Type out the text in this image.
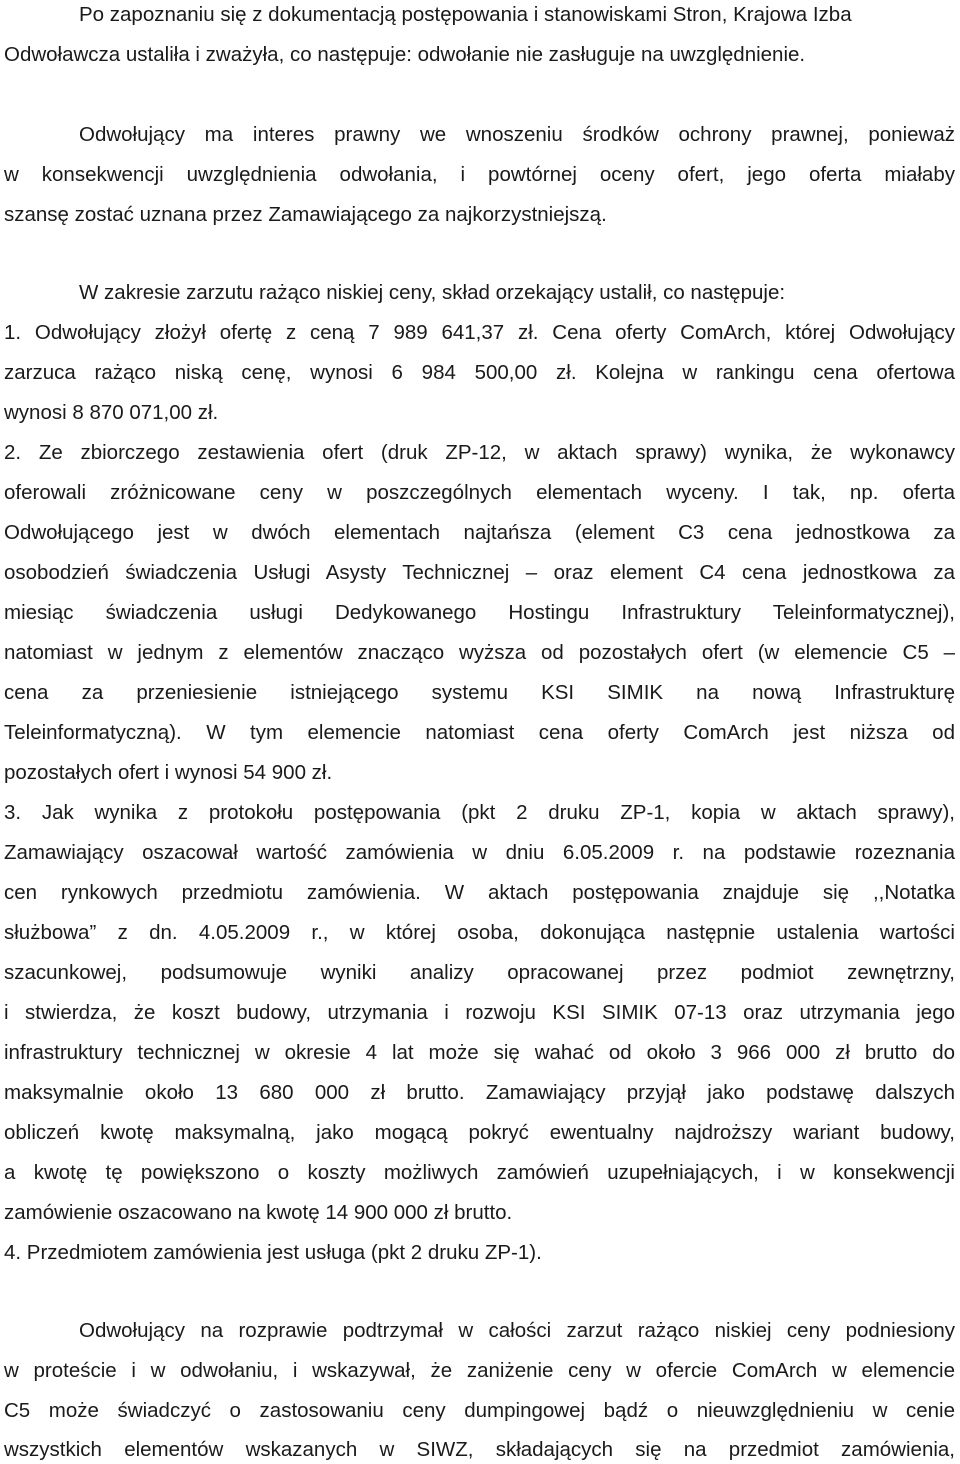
Po zapoznaniu się z dokumentacją postępowania i stanowiskami Stron, Krajowa Izba
Odwoławcza ustaliła i zważyła, co następuje: odwołanie nie zasługuje na uwzględnienie.
Odwołujący ma interes prawny we wnoszeniu środków ochrony prawnej, ponieważ
w konsekwencji uwzględnienia odwołania, i powtórnej oceny ofert, jego oferta miałaby
szansę zostać uznana przez Zamawiającego za najkorzystniejszą.
W zakresie zarzutu rażąco niskiej ceny, skład orzekający ustalił, co następuje:
1. Odwołujący złożył ofertę z ceną 7 989 641,37 zł. Cena oferty ComArch, której Odwołujący
zarzuca rażąco niską cenę, wynosi 6 984 500,00 zł. Kolejna w rankingu cena ofertowa
wynosi 8 870 071,00 zł.
2. Ze zbiorczego zestawienia ofert (druk ZP-12, w aktach sprawy) wynika, że wykonawcy
oferowali zróżnicowane ceny w poszczególnych elementach wyceny. I tak, np. oferta
Odwołującego jest w dwóch elementach najtańsza (element C3 cena jednostkowa za
osobodzień świadczenia Usługi Asysty Technicznej – oraz element C4 cena jednostkowa za
miesiąc świadczenia usługi Dedykowanego Hostingu Infrastruktury Teleinformatycznej),
natomiast w jednym z elementów znacząco wyższa od pozostałych ofert (w elemencie C5 –
cena za przeniesienie istniejącego systemu KSI SIMIK na nową Infrastrukturę
Teleinformatyczną). W tym elemencie natomiast cena oferty ComArch jest niższa od
pozostałych ofert i wynosi 54 900 zł.
3. Jak wynika z protokołu postępowania (pkt 2 druku ZP-1, kopia w aktach sprawy),
Zamawiający oszacował wartość zamówienia w dniu 6.05.2009 r. na podstawie rozeznania
cen rynkowych przedmiotu zamówienia. W aktach postępowania znajduje się ,,Notatka
służbowa” z dn. 4.05.2009 r., w której osoba, dokonująca następnie ustalenia wartości
szacunkowej, podsumowuje wyniki analizy opracowanej przez podmiot zewnętrzny,
i stwierdza, że koszt budowy, utrzymania i rozwoju KSI SIMIK 07-13 oraz utrzymania jego
infrastruktury technicznej w okresie 4 lat może się wahać od około 3 966 000 zł brutto do
maksymalnie około 13 680 000 zł brutto. Zamawiający przyjął jako podstawę dalszych
obliczeń kwotę maksymalną, jako mogącą pokryć ewentualny najdroższy wariant budowy,
a kwotę tę powiększono o koszty możliwych zamówień uzupełniających, i w konsekwencji
zamówienie oszacowano na kwotę 14 900 000 zł brutto.
4. Przedmiotem zamówienia jest usługa (pkt 2 druku ZP-1).
Odwołujący na rozprawie podtrzymał w całości zarzut rażąco niskiej ceny podniesiony
w proteście i w odwołaniu, i wskazywał, że zaniżenie ceny w ofercie ComArch w elemencie
C5 może świadczyć o zastosowaniu ceny dumpingowej bądź o nieuwzględnieniu w cenie
wszystkich elementów wskazanych w SIWZ, składających się na przedmiot zamówienia,
